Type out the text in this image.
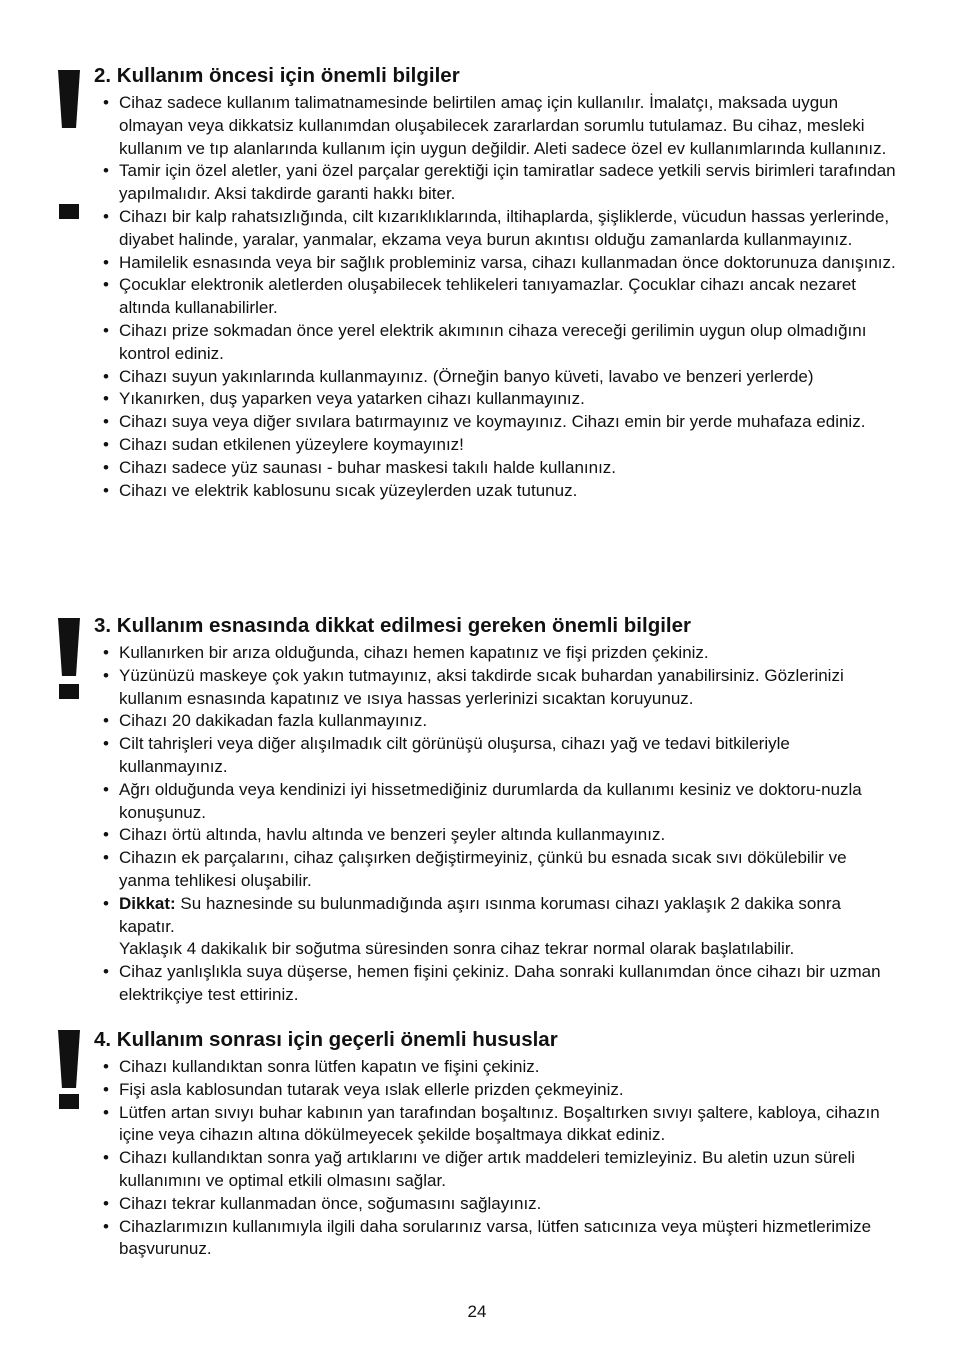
2. Kullanım öncesi için önemli bilgiler
• Cihaz sadece kullanım talimatnamesinde belirtilen amaç için kullanılır. İmalatçı, maksada uygun olmayan veya dikkatsiz kullanımdan oluşabilecek zararlardan sorumlu tutulamaz. Bu cihaz, mesleki kullanım ve tıp alanlarında kullanım için uygun değildir. Aleti sadece özel ev kullanımlarında kullanınız.
• Tamir için özel aletler, yani özel parçalar gerektiği için tamiratlar sadece yetkili servis birimleri tarafından yapılmalıdır. Aksi takdirde garanti hakkı biter.
• Cihazı bir kalp rahatsızlığında, cilt kızarıklıklarında, iltihaplarda, şişliklerde, vücudun hassas yerlerinde, diyabet halinde, yaralar, yanmalar, ekzama veya burun akıntısı olduğu zamanlarda kullanmayınız.
• Hamilelik esnasında veya bir sağlık probleminiz varsa, cihazı kullanmadan önce doktorunuza danışınız.
• Çocuklar elektronik aletlerden oluşabilecek tehlikeleri tanıyamazlar. Çocuklar cihazı ancak nezaret altında kullanabilirler.
• Cihazı prize sokmadan önce yerel elektrik akımının cihaza vereceği gerilimin uygun olup olmadığını kontrol ediniz.
• Cihazı suyun yakınlarında kullanmayınız. (Örneğin banyo küveti, lavabo ve benzeri yerlerde)
• Yıkanırken, duş yaparken veya yatarken cihazı kullanmayınız.
• Cihazı suya veya diğer sıvılara batırmayınız ve koymayınız. Cihazı emin bir yerde muhafaza ediniz.
• Cihazı sudan etkilenen yüzeylere koymayınız!
• Cihazı sadece yüz saunası - buhar maskesi takılı halde kullanınız.
• Cihazı ve elektrik kablosunu sıcak yüzeylerden uzak tutunuz.
3. Kullanım esnasında dikkat edilmesi gereken önemli bilgiler
• Kullanırken bir arıza olduğunda, cihazı hemen kapatınız ve fişi prizden çekiniz.
• Yüzünüzü maskeye çok yakın tutmayınız, aksi takdirde sıcak buhardan yanabilirsiniz. Gözlerinizi kullanım esnasında kapatınız ve ısıya hassas yerlerinizi sıcaktan koruyunuz.
• Cihazı 20 dakikadan fazla kullanmayınız.
• Cilt tahrişleri veya diğer alışılmadık cilt görünüşü oluşursa, cihazı yağ ve tedavi bitkileriyle kullanmayınız.
• Ağrı olduğunda veya kendinizi iyi hissetmediğiniz durumlarda da kullanımı kesiniz ve doktoru-nuzla konuşunuz.
• Cihazı örtü altında, havlu altında ve benzeri şeyler altında kullanmayınız.
• Cihazın ek parçalarını, cihaz çalışırken değiştirmeyiniz, çünkü bu esnada sıcak sıvı dökülebilir ve yanma tehlikesi oluşabilir.
• Dikkat: Su haznesinde su bulunmadığında aşırı ısınma koruması cihazı yaklaşık 2 dakika sonra kapatır.
Yaklaşık 4 dakikalık bir soğutma süresinden sonra cihaz tekrar normal olarak başlatılabilir.
• Cihaz yanlışlıkla suya düşerse, hemen fişini çekiniz. Daha sonraki kullanımdan önce cihazı bir uzman elektrikçiye test ettiriniz.
4. Kullanım sonrası için geçerli önemli hususlar
• Cihazı kullandıktan sonra lütfen kapatın ve fişini çekiniz.
• Fişi asla kablosundan tutarak veya ıslak ellerle prizden çekmeyiniz.
• Lütfen artan sıvıyı buhar kabının yan tarafından boşaltınız. Boşaltırken sıvıyı şaltere, kabloya, cihazın içine veya cihazın altına dökülmeyecek şekilde boşaltmaya dikkat ediniz.
• Cihazı kullandıktan sonra yağ artıklarını ve diğer artık maddeleri temizleyiniz. Bu aletin uzun süreli kullanımını ve optimal etkili olmasını sağlar.
• Cihazı tekrar kullanmadan önce, soğumasını sağlayınız.
• Cihazlarımızın kullanımıyla ilgili daha sorularınız varsa, lütfen satıcınıza veya müşteri hizmetlerimize başvurunuz.
24
